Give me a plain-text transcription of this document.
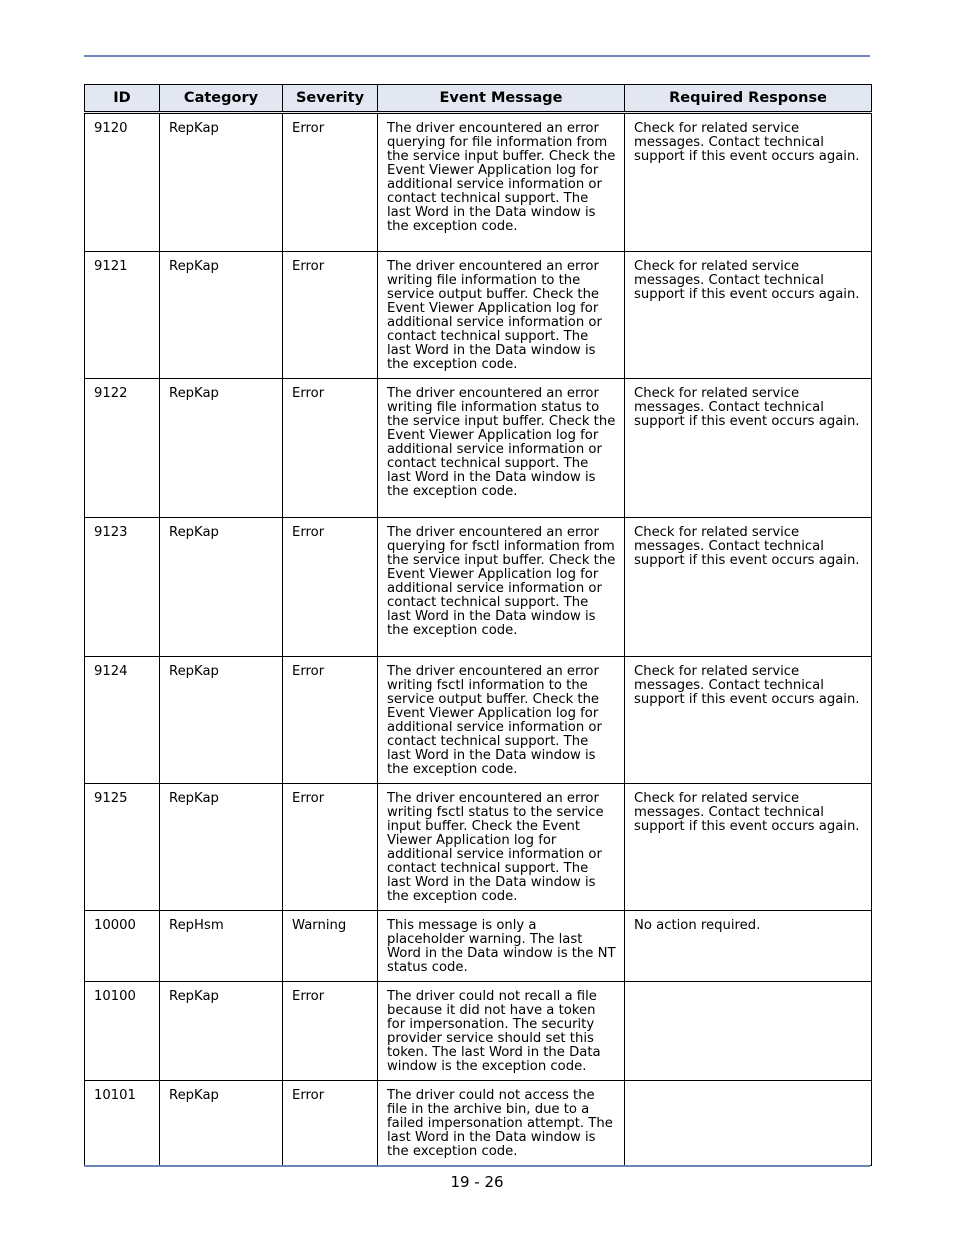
ID	Category	Severity	Event Message	Required Response
9120	RepKap	Error	The driver encountered an error querying for file information from the service input buffer. Check the Event Viewer Application log for additional service information or contact technical support. The last Word in the Data window is the exception code.	Check for related service messages. Contact technical support if this event occurs again.
9121	RepKap	Error	The driver encountered an error writing file information to the service output buffer. Check the Event Viewer Application log for additional service information or contact technical support. The last Word in the Data window is the exception code.	Check for related service messages. Contact technical support if this event occurs again.
9122	RepKap	Error	The driver encountered an error writing file information status to the service input buffer. Check the Event Viewer Application log for additional service information or contact technical support. The last Word in the Data window is the exception code.	Check for related service messages. Contact technical support if this event occurs again.
9123	RepKap	Error	The driver encountered an error querying for fsctl information from the service input buffer. Check the Event Viewer Application log for additional service information or contact technical support. The last Word in the Data window is the exception code.	Check for related service messages. Contact technical support if this event occurs again.
9124	RepKap	Error	The driver encountered an error writing fsctl information to the service output buffer. Check the Event Viewer Application log for additional service information or contact technical support. The last Word in the Data window is the exception code.	Check for related service messages. Contact technical support if this event occurs again.
9125	RepKap	Error	The driver encountered an error writing fsctl status to the service input buffer. Check the Event Viewer Application log for additional service information or contact technical support. The last Word in the Data window is the exception code.	Check for related service messages. Contact technical support if this event occurs again.
10000	RepHsm	Warning	This message is only a placeholder warning. The last Word in the Data window is the NT status code.	No action required.
10100	RepKap	Error	The driver could not recall a file because it did not have a token for impersonation. The security provider service should set this token. The last Word in the Data window is the exception code.	
10101	RepKap	Error	The driver could not access the file in the archive bin, due to a failed impersonation attempt. The last Word in the Data window is the exception code.	
19 - 26
